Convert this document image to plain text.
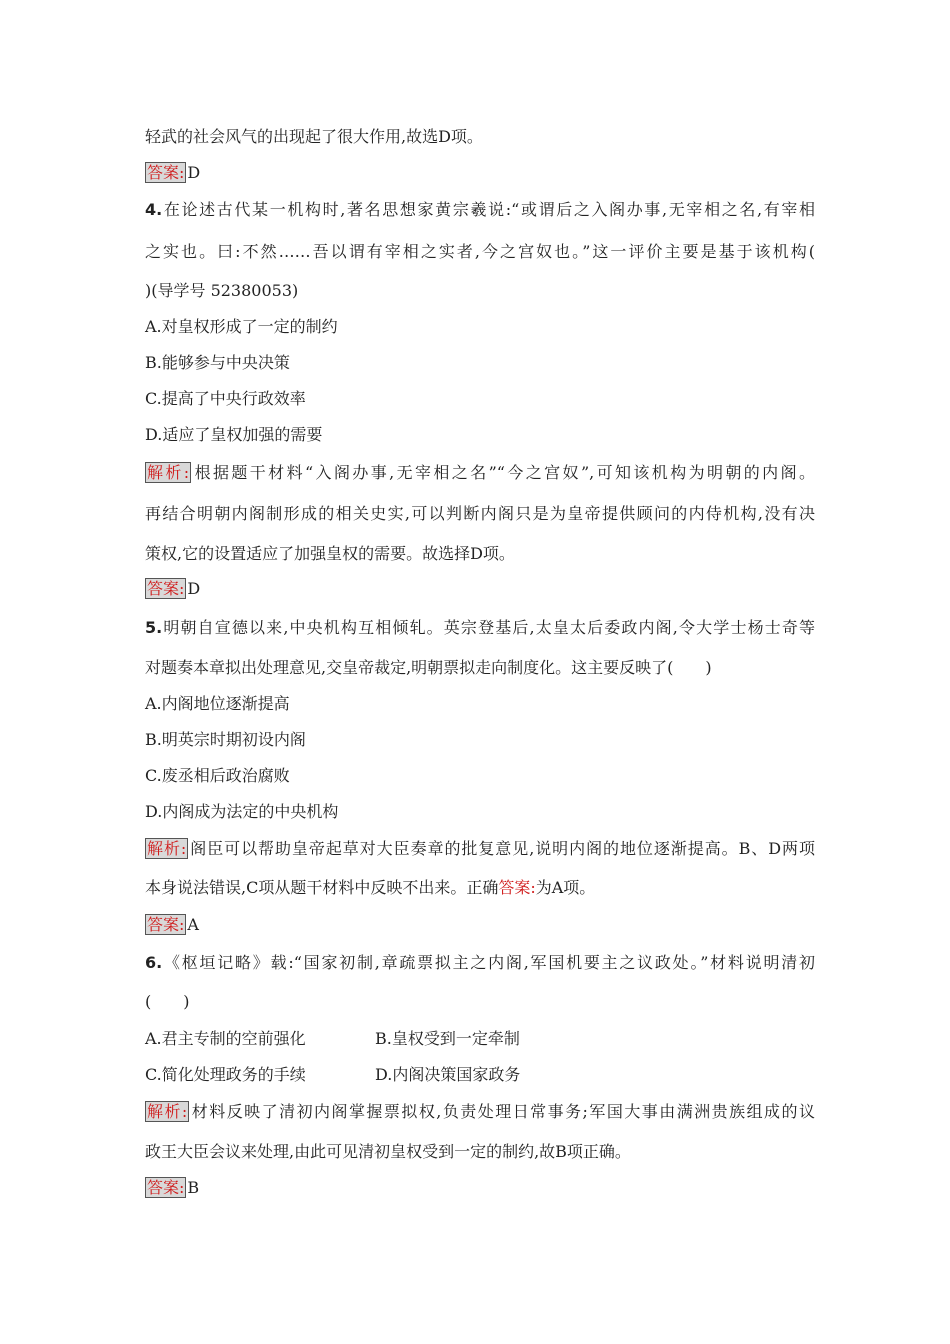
轻武的社会风气的出现起了很大作用,故选D项。
答案: D
4.在论述古代某一机构时,著名思想家黄宗羲说:“或谓后之入阁办事,无宰相之名,有宰相
之实也。曰:不然……吾以谓有宰相之实者,今之宫奴也。”这一评价主要是基于该机构(
)(导学号 52380053)
A.对皇权形成了一定的制约
B.能够参与中央决策
C.提高了中央行政效率
D.适应了皇权加强的需要
解析: 根据题干材料“入阁办事,无宰相之名”“今之宫奴”,可知该机构为明朝的内阁。
再结合明朝内阁制形成的相关史实,可以判断内阁只是为皇帝提供顾问的内侍机构,没有决
策权,它的设置适应了加强皇权的需要。故选择D项。
答案: D
5.明朝自宣德以来,中央机构互相倾轧。英宗登基后,太皇太后委政内阁,令大学士杨士奇等
对题奏本章拟出处理意见,交皇帝裁定,明朝票拟走向制度化。这主要反映了(　　)
A.内阁地位逐渐提高
B.明英宗时期初设内阁
C.废丞相后政治腐败
D.内阁成为法定的中央机构
解析: 阁臣可以帮助皇帝起草对大臣奏章的批复意见,说明内阁的地位逐渐提高。B、D两项
本身说法错误,C项从题干材料中反映不出来。正确答案:为A项。
答案: A
6.《枢垣记略》载:“国家初制,章疏票拟主之内阁,军国机要主之议政处。”材料说明清初
(　　)
A.君主专制的空前强化	B.皇权受到一定牵制
C.简化处理政务的手续	D.内阁决策国家政务
解析: 材料反映了清初内阁掌握票拟权,负责处理日常事务;军国大事由满洲贵族组成的议
政王大臣会议来处理,由此可见清初皇权受到一定的制约,故B项正确。
答案: B
